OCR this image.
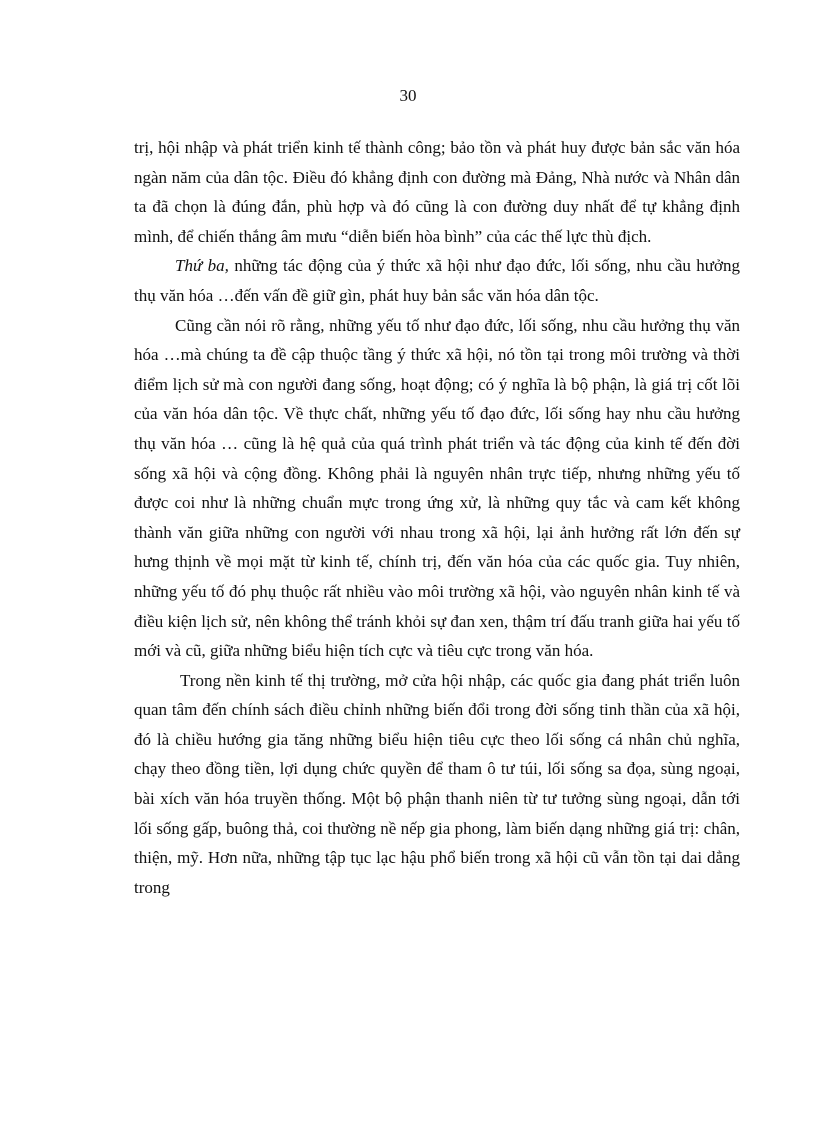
30

trị, hội nhập và phát triển kinh tế thành công; bảo tồn và phát huy được bản sắc văn hóa ngàn năm của dân tộc. Điều đó khẳng định con đường mà Đảng, Nhà nước và Nhân dân ta đã chọn là đúng đắn, phù hợp và đó cũng là con đường duy nhất để tự khẳng định mình, để chiến thắng âm mưu “diễn biến hòa bình” của các thế lực thù địch.

Thứ ba, những tác động của ý thức xã hội như đạo đức, lối sống, nhu cầu hưởng thụ văn hóa …đến vấn đề giữ gìn, phát huy bản sắc văn hóa dân tộc.

Cũng cần nói rõ rằng, những yếu tố như đạo đức, lối sống, nhu cầu hưởng thụ văn hóa …mà chúng ta đề cập thuộc tầng ý thức xã hội, nó tồn tại trong môi trường và thời điểm lịch sử mà con người đang sống, hoạt động; có ý nghĩa là bộ phận, là giá trị cốt lõi của văn hóa dân tộc. Về thực chất, những yếu tố đạo đức, lối sống hay nhu cầu hưởng thụ văn hóa … cũng là hệ quả của quá trình phát triển và tác động của kinh tế đến đời sống xã hội và cộng đồng. Không phải là nguyên nhân trực tiếp, nhưng những yếu tố được coi như là những chuẩn mực trong ứng xử, là những quy tắc và cam kết không thành văn giữa những con người với nhau trong xã hội, lại ảnh hưởng rất lớn đến sự hưng thịnh về mọi mặt từ kinh tế, chính trị, đến văn hóa của các quốc gia. Tuy nhiên, những yếu tố đó phụ thuộc rất nhiều vào môi trường xã hội, vào nguyên nhân kinh tế và điều kiện lịch sử, nên không thể tránh khỏi sự đan xen, thậm trí đấu tranh giữa hai yếu tố mới và cũ, giữa những biểu hiện tích cực và tiêu cực trong văn hóa.

Trong nền kinh tế thị trường, mở cửa hội nhập, các quốc gia đang phát triển luôn quan tâm đến chính sách điều chỉnh những biến đổi trong đời sống tinh thần của xã hội, đó là chiều hướng gia tăng những biểu hiện tiêu cực theo lối sống cá nhân chủ nghĩa, chạy theo đồng tiền, lợi dụng chức quyền để tham ô tư túi, lối sống sa đọa, sùng ngoại, bài xích văn hóa truyền thống. Một bộ phận thanh niên từ tư tưởng sùng ngoại, dẫn tới lối sống gấp, buông thả, coi thường nề nếp gia phong, làm biến dạng những giá trị: chân, thiện, mỹ. Hơn nữa, những tập tục lạc hậu phổ biến trong xã hội cũ vẫn tồn tại dai dẳng trong
